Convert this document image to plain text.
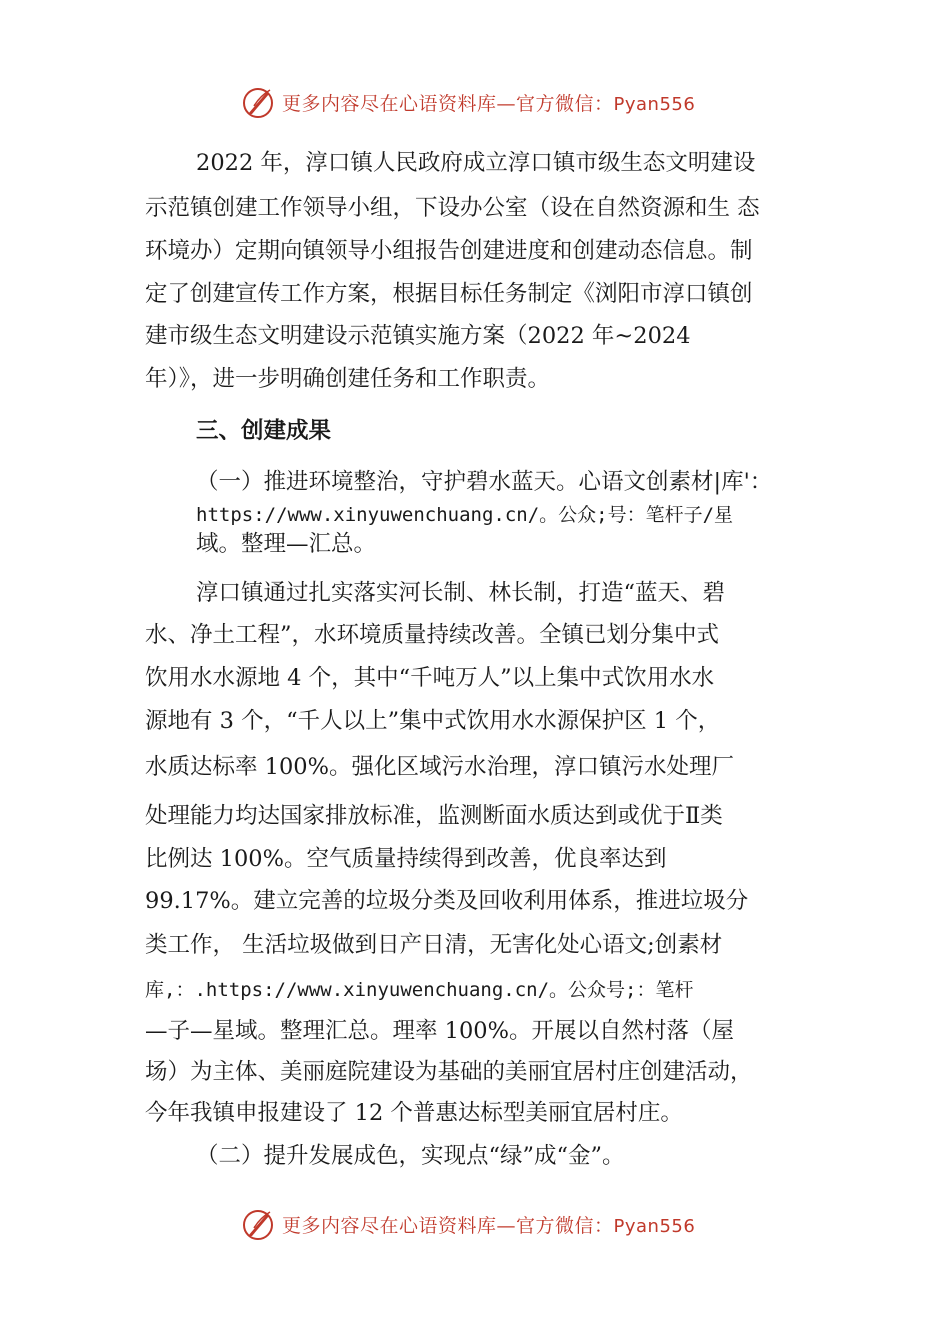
更多内容尽在心语资料库—官方微信：Pyan556
2022 年，淳口镇人民政府成立淳口镇市级生态文明建设
示范镇创建工作领导小组，下设办公室（设在自然资源和生 态
环境办）定期向镇领导小组报告创建进度和创建动态信息。制
定了创建宣传工作方案，根据目标任务制定《浏阳市淳口镇创
建市级生态文明建设示范镇实施方案（2022 年~2024
年）》，进一步明确创建任务和工作职责。
三、创建成果
（一）推进环境整治，守护碧水蓝天。心语文创素材|库'：
https://www.xinyuwenchuang.cn/。公众;号：笔杆子/星
域。整理—汇总。
淳口镇通过扎实落实河长制、林长制，打造“蓝天、碧
水、净土工程”，水环境质量持续改善。全镇已划分集中式
饮用水水源地 4 个，其中“千吨万人”以上集中式饮用水水
源地有 3 个，“千人以上”集中式饮用水水源保护区 1 个，
水质达标率 100%。强化区域污水治理，淳口镇污水处理厂
处理能力均达国家排放标准，监测断面水质达到或优于Ⅱ类
比例达 100%。空气质量持续得到改善，优良率达到
99.17%。建立完善的垃圾分类及回收利用体系，推进垃圾分
类工作， 生活垃圾做到日产日清，无害化处心语文;创素材
库,：.https://www.xinyuwenchuang.cn/。公众号;：笔杆
—子—星域。整理汇总。理率 100%。开展以自然村落（屋
场）为主体、美丽庭院建设为基础的美丽宜居村庄创建活动，
今年我镇申报建设了 12 个普惠达标型美丽宜居村庄。
（二）提升发展成色，实现点“绿”成“金”。
更多内容尽在心语资料库—官方微信：Pyan556
